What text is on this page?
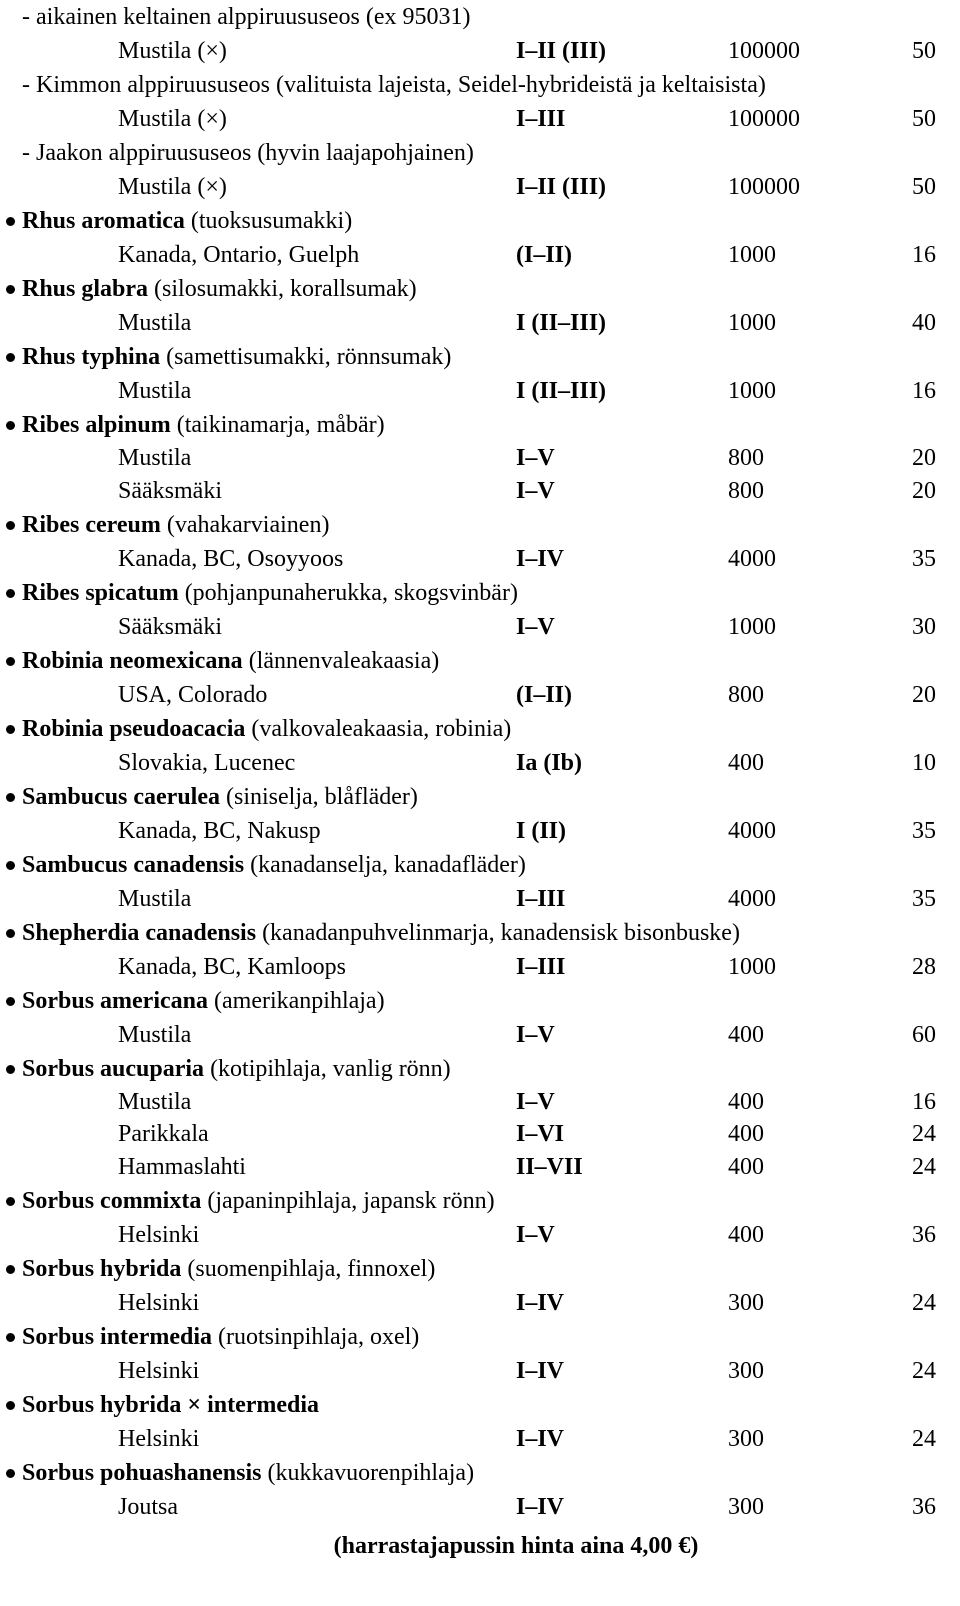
- aikainen keltainen alppiruususeos (ex 95031)
Mustila (×)	I–II (III)	100000	50
- Kimmon alppiruususeos (valituista lajeista, Seidel-hybrideistä ja keltaisista)
Mustila (×)	I–III	100000	50
- Jaakon alppiruususeos (hyvin laajapohjainen)
Mustila (×)	I–II (III)	100000	50
Rhus aromatica (tuoksusumakki)
Kanada, Ontario, Guelph	(I–II)	1000	16
Rhus glabra (silosumakki, korallsumak)
Mustila	I (II–III)	1000	40
Rhus typhina (samettisumakki, rönnsumak)
Mustila	I (II–III)	1000	16
Ribes alpinum (taikinamarja, måbär)
Mustila	I–V	800	20
Sääksmäki	I–V	800	20
Ribes cereum (vahakarviainen)
Kanada, BC, Osoyyoos	I–IV	4000	35
Ribes spicatum (pohjanpunaherukka, skogsvinbär)
Sääksmäki	I–V	1000	30
Robinia neomexicana (lännenvaleakaasia)
USA, Colorado	(I–II)	800	20
Robinia pseudoacacia (valkovaleakaasia, robinia)
Slovakia, Lucenec	Ia (Ib)	400	10
Sambucus caerulea (siniselja, blåfläder)
Kanada, BC, Nakusp	I (II)	4000	35
Sambucus canadensis (kanadanselja, kanadafläder)
Mustila	I–III	4000	35
Shepherdia canadensis (kanadanpuhvelinmarja, kanadensisk bisonbuske)
Kanada, BC, Kamloops	I–III	1000	28
Sorbus americana (amerikanpihlaja)
Mustila	I–V	400	60
Sorbus aucuparia (kotipihlaja, vanlig rönn)
Mustila	I–V	400	16
Parikkala	I–VI	400	24
Hammaslahti	II–VII	400	24
Sorbus commixta (japaninpihlaja, japansk rönn)
Helsinki	I–V	400	36
Sorbus hybrida (suomenpihlaja, finnoxel)
Helsinki	I–IV	300	24
Sorbus intermedia (ruotsinpihlaja, oxel)
Helsinki	I–IV	300	24
Sorbus hybrida × intermedia
Helsinki	I–IV	300	24
Sorbus pohuashanensis (kukkavuorenpihlaja)
Joutsa	I–IV	300	36
(harrastajapussin hinta aina 4,00 €)
